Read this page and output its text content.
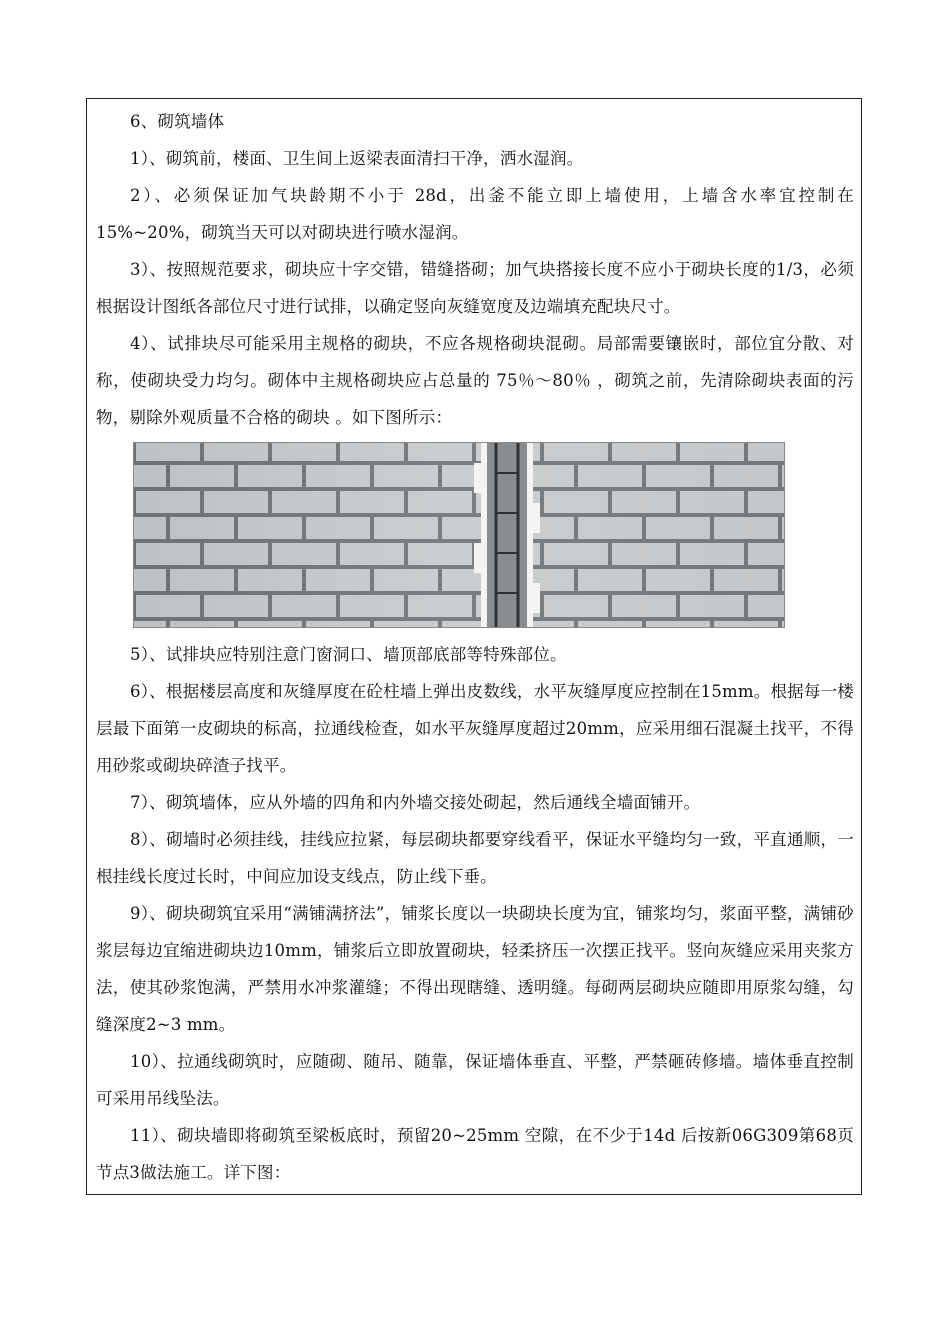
6、砌筑墙体

1）、砌筑前，楼面、卫生间上返梁表面清扫干净，洒水湿润。

2）、必须保证加气块龄期不小于 28d，出釜不能立即上墙使用，上墙含水率宜控制在15%~20%，砌筑当天可以对砌块进行喷水湿润。

3）、按照规范要求，砌块应十字交错，错缝搭砌；加气块搭接长度不应小于砌块长度的1/3，必须根据设计图纸各部位尺寸进行试排，以确定竖向灰缝宽度及边端填充配块尺寸。

4）、试排块尽可能采用主规格的砌块，不应各规格砌块混砌。局部需要镶嵌时，部位宜分散、对称，使砌块受力均匀。砌体中主规格砌块应占总量的 75％～80％ ，砌筑之前，先清除砌块表面的污物，剔除外观质量不合格的砌块 。如下图所示：

5）、试排块应特别注意门窗洞口、墙顶部底部等特殊部位。

6）、根据楼层高度和灰缝厚度在砼柱墙上弹出皮数线，水平灰缝厚度应控制在15mm。根据每一楼层最下面第一皮砌块的标高，拉通线检查，如水平灰缝厚度超过20mm，应采用细石混凝土找平，不得用砂浆或砌块碎渣子找平。

7）、砌筑墙体，应从外墙的四角和内外墙交接处砌起，然后通线全墙面铺开。

8）、砌墙时必须挂线，挂线应拉紧，每层砌块都要穿线看平，保证水平缝均匀一致，平直通顺，一根挂线长度过长时，中间应加设支线点，防止线下垂。

9）、砌块砌筑宜采用“满铺满挤法”，铺浆长度以一块砌块长度为宜，铺浆均匀，浆面平整，满铺砂浆层每边宜缩进砌块边10mm，铺浆后立即放置砌块，轻柔挤压一次摆正找平。竖向灰缝应采用夹浆方法，使其砂浆饱满，严禁用水冲浆灌缝；不得出现瞎缝、透明缝。每砌两层砌块应随即用原浆勾缝，勾缝深度2~3 mm。

10）、拉通线砌筑时，应随砌、随吊、随靠，保证墙体垂直、平整，严禁砸砖修墙。墙体垂直控制可采用吊线坠法。

11）、砌块墙即将砌筑至梁板底时，预留20~25mm 空隙，在不少于14d 后按新06G309第68页节点3做法施工。详下图：
